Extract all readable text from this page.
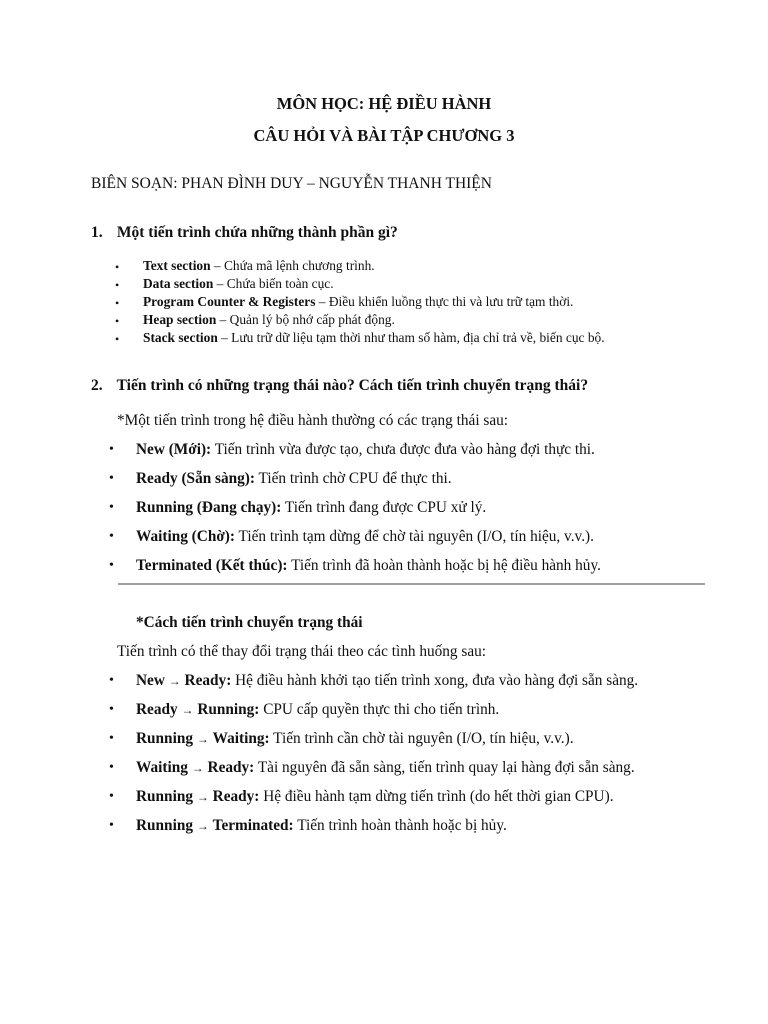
MÔN HỌC: HỆ ĐIỀU HÀNH

CÂU HỎI VÀ BÀI TẬP CHƯƠNG 3

BIÊN SOẠN: PHAN ĐÌNH DUY – NGUYỄN THANH THIỆN

1. Một tiến trình chứa những thành phần gì?

• Text section – Chứa mã lệnh chương trình.
• Data section – Chứa biến toàn cục.
• Program Counter & Registers – Điều khiển luồng thực thi và lưu trữ tạm thời.
• Heap section – Quản lý bộ nhớ cấp phát động.
• Stack section – Lưu trữ dữ liệu tạm thời như tham số hàm, địa chỉ trả về, biến cục bộ.

2. Tiến trình có những trạng thái nào? Cách tiến trình chuyển trạng thái?

*Một tiến trình trong hệ điều hành thường có các trạng thái sau:

• New (Mới): Tiến trình vừa được tạo, chưa được đưa vào hàng đợi thực thi.
• Ready (Sẵn sàng): Tiến trình chờ CPU để thực thi.
• Running (Đang chạy): Tiến trình đang được CPU xử lý.
• Waiting (Chờ): Tiến trình tạm dừng để chờ tài nguyên (I/O, tín hiệu, v.v.).
• Terminated (Kết thúc): Tiến trình đã hoàn thành hoặc bị hệ điều hành hủy.

*Cách tiến trình chuyển trạng thái

Tiến trình có thể thay đổi trạng thái theo các tình huống sau:

• New → Ready: Hệ điều hành khởi tạo tiến trình xong, đưa vào hàng đợi sẵn sàng.
• Ready → Running: CPU cấp quyền thực thi cho tiến trình.
• Running → Waiting: Tiến trình cần chờ tài nguyên (I/O, tín hiệu, v.v.).
• Waiting → Ready: Tài nguyên đã sẵn sàng, tiến trình quay lại hàng đợi sẵn sàng.
• Running → Ready: Hệ điều hành tạm dừng tiến trình (do hết thời gian CPU).
• Running → Terminated: Tiến trình hoàn thành hoặc bị hủy.
